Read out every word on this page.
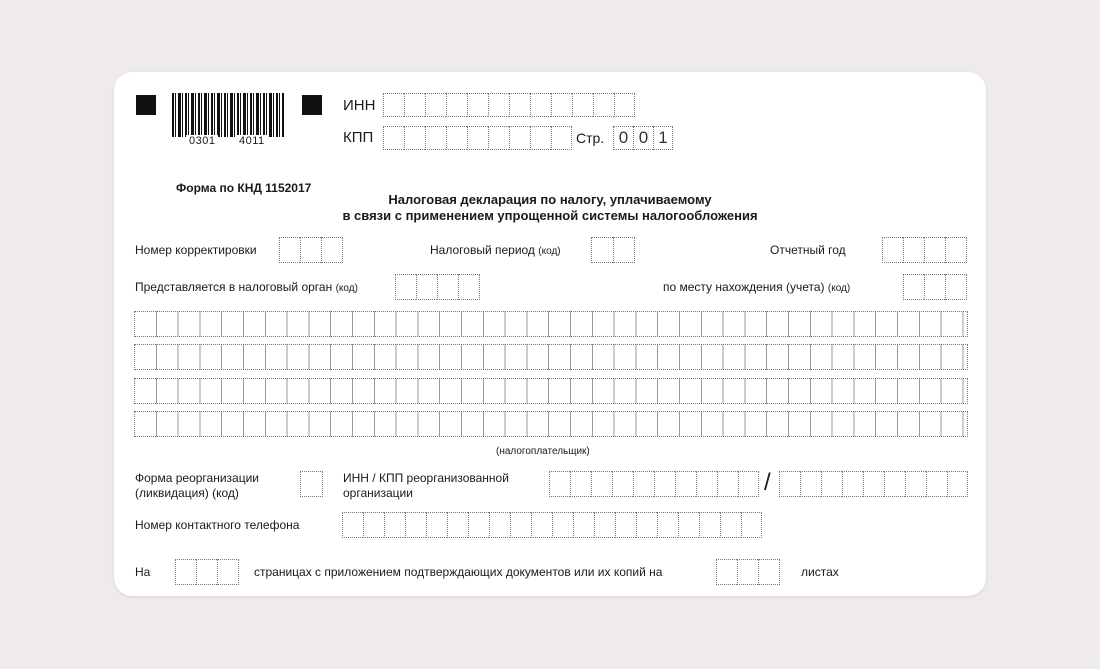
0301 4011
ИНН
КПП	Стр. 0 0 1
Форма по КНД 1152017
Налоговая декларация по налогу, уплачиваемому
в связи с применением упрощенной системы налогообложения
Номер корректировки	Налоговый период (код)	Отчетный год
Представляется в налоговый орган (код)	по месту нахождения (учета) (код)
(налогоплательщик)
Форма реорганизации
(ликвидация) (код)
ИНН / КПП реорганизованной
организации	/
Номер контактного телефона
На	страницах с приложением подтверждающих документов или их копий на	листах
